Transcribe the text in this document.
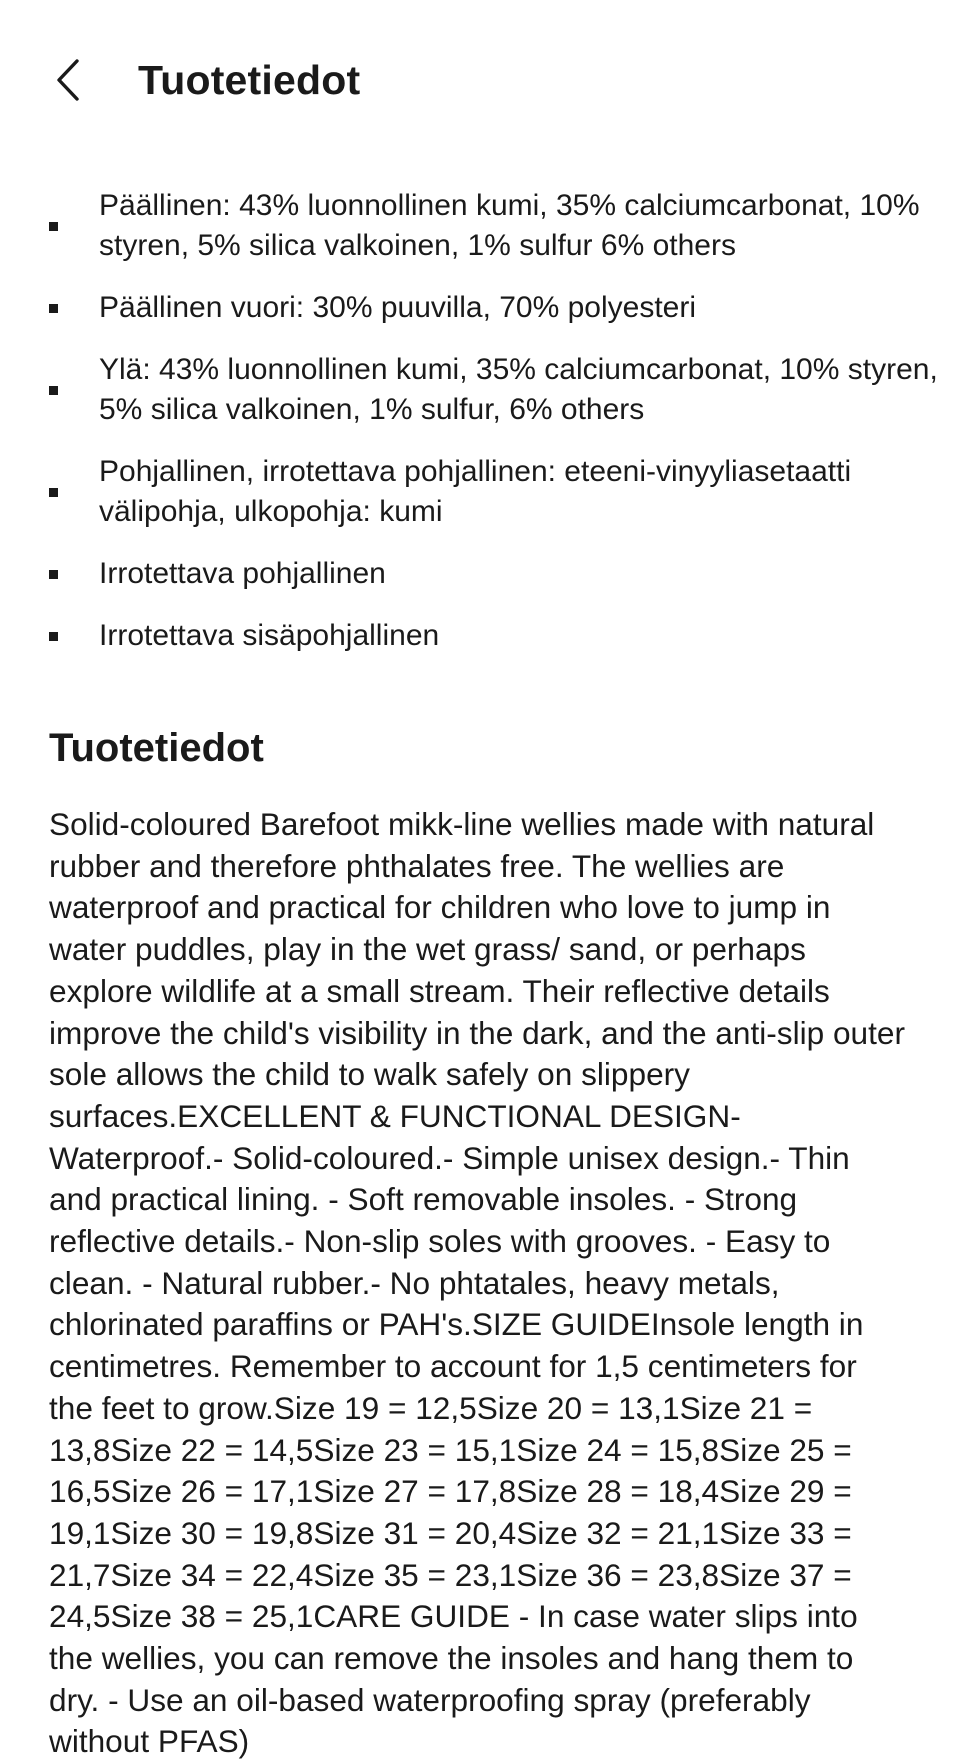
Tuotetiedot
Päällinen: 43% luonnollinen kumi, 35% calciumcarbonat, 10% styren, 5% silica valkoinen, 1% sulfur 6% others
Päällinen vuori: 30% puuvilla, 70% polyesteri
Ylä: 43% luonnollinen kumi, 35% calciumcarbonat, 10% styren, 5% silica valkoinen, 1% sulfur, 6% others
Pohjallinen, irrotettava pohjallinen: eteeni-vinyyliasetaatti välipohja, ulkopohja: kumi
Irrotettava pohjallinen
Irrotettava sisäpohjallinen
Tuotetiedot

Solid-coloured Barefoot mikk-line wellies made with natural rubber and therefore phthalates free. The wellies are waterproof and practical for children who love to jump in water puddles, play in the wet grass/ sand, or perhaps explore wildlife at a small stream. Their reflective details improve the child's visibility in the dark, and the anti-slip outer sole allows the child to walk safely on slippery surfaces.EXCELLENT & FUNCTIONAL DESIGN- Waterproof.- Solid-coloured.- Simple unisex design.- Thin and practical lining. - Soft removable insoles. - Strong reflective details.- Non-slip soles with grooves. - Easy to clean. - Natural rubber.- No phtatales, heavy metals, chlorinated paraffins or PAH's.SIZE GUIDEInsole length in centimetres. Remember to account for 1,5 centimeters for the feet to grow.Size 19 = 12,5Size 20 = 13,1Size 21 = 13,8Size 22 = 14,5Size 23 = 15,1Size 24 = 15,8Size 25 = 16,5Size 26 = 17,1Size 27 = 17,8Size 28 = 18,4Size 29 = 19,1Size 30 = 19,8Size 31 = 20,4Size 32 = 21,1Size 33 = 21,7Size 34 = 22,4Size 35 = 23,1Size 36 = 23,8Size 37 = 24,5Size 38 = 25,1CARE GUIDE - In case water slips into the wellies, you can remove the insoles and hang them to dry. - Use an oil-based waterproofing spray (preferably without PFAS)
